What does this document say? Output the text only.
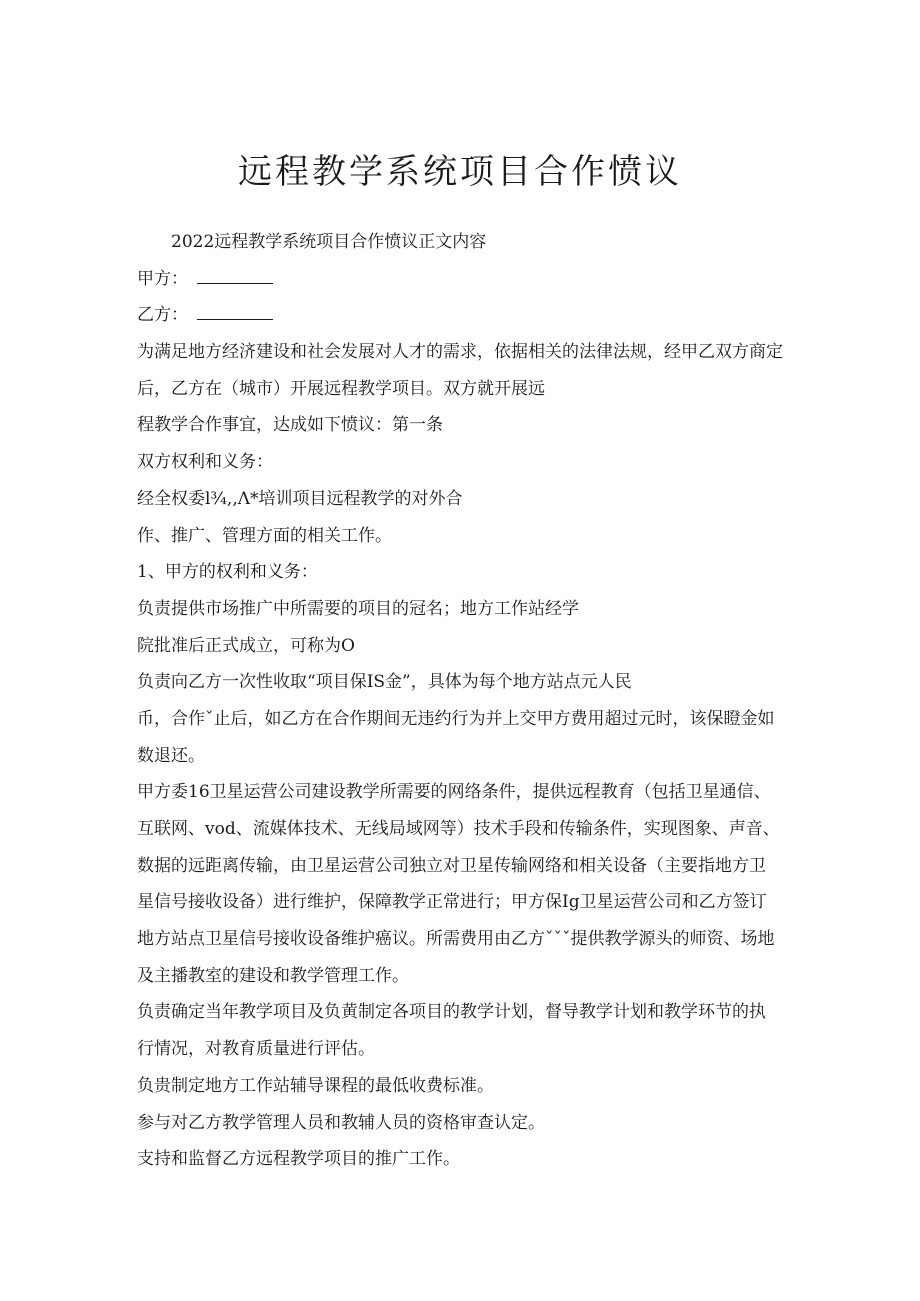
远程教学系统项目合作愤议

2022远程教学系统项目合作愤议正文内容

甲方：

乙方：

为满足地方经济建设和社会发展对人才的需求，依据相关的法律法规，经甲乙双方商定

后，乙方在（城市）开展远程教学项目。双方就开展远

程教学合作事宜，达成如下愤议：第一条

双方权利和义务：

经全权委l¾,,Λ*培训项目远程教学的对外合

作、推广、管理方面的相关工作。

1、甲方的权利和义务：

负责提供市场推广中所需要的项目的冠名；地方工作站经学

院批准后正式成立，可称为O

负责向乙方一次性收取“项目保IS金”，具体为每个地方站点元人民

币，合作ˇ止后，如乙方在合作期间无违约行为并上交甲方费用超过元时，该保瞪金如

数退还。

甲方委16卫星运营公司建设教学所需要的网络条件，提供远程教育（包括卫星通信、

互联网、vod、流媒体技术、无线局域网等）技术手段和传输条件，实现图象、声音、

数据的远距离传输，由卫星运营公司独立对卫星传输网络和相关设备（主要指地方卫

星信号接收设备）进行维护，保障教学正常进行；甲方保Ig卫星运营公司和乙方签订

地方站点卫星信号接收设备维护癌议。所需费用由乙方ˇˇˇ提供教学源头的师资、场地

及主播教室的建设和教学管理工作。

负责确定当年教学项目及负黄制定各项目的教学计划，督导教学计划和教学环节的执

行情况，对教育质量进行评估。

负贵制定地方工作站辅导课程的最低收费标准。

参与对乙方教学管理人员和教辅人员的资格审查认定。

支持和监督乙方远程教学项目的推广工作。
